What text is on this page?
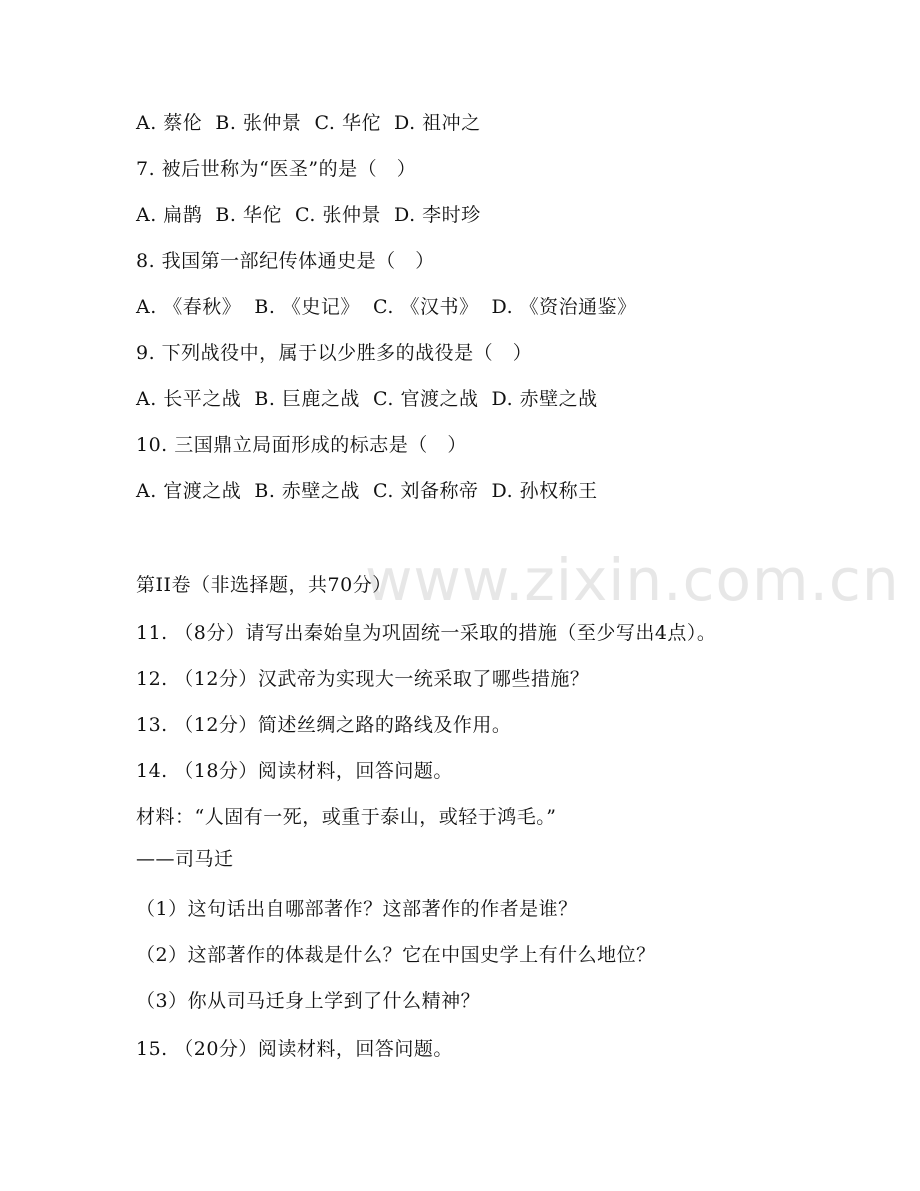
www.zixin.com.cn
A. 蔡伦  B. 张仲景  C. 华佗  D. 祖冲之
7. 被后世称为“医圣”的是（   ）
A. 扁鹊  B. 华佗  C. 张仲景  D. 李时珍
8. 我国第一部纪传体通史是（   ）
A. 《春秋》  B. 《史记》  C. 《汉书》  D. 《资治通鉴》
9. 下列战役中，属于以少胜多的战役是（   ）
A. 长平之战  B. 巨鹿之战  C. 官渡之战  D. 赤壁之战
10. 三国鼎立局面形成的标志是（   ）
A. 官渡之战  B. 赤壁之战  C. 刘备称帝  D. 孙权称王
第II卷（非选择题，共70分）
11. （8分）请写出秦始皇为巩固统一采取的措施（至少写出4点）。
12. （12分）汉武帝为实现大一统采取了哪些措施？
13. （12分）简述丝绸之路的路线及作用。
14. （18分）阅读材料，回答问题。
材料：“人固有一死，或重于泰山，或轻于鸿毛。”
——司马迁
（1）这句话出自哪部著作？这部著作的作者是谁？
（2）这部著作的体裁是什么？它在中国史学上有什么地位？
（3）你从司马迁身上学到了什么精神？
15. （20分）阅读材料，回答问题。
